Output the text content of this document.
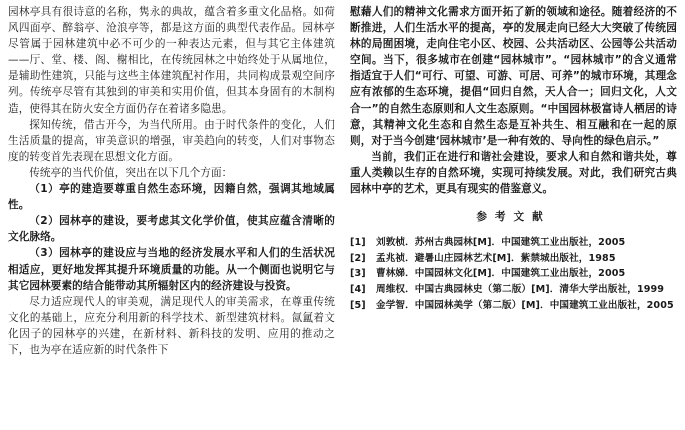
园林亭具有很诗意的名称，隽永的典故，蕴含着多重文化品格。如荷风四面亭、醉翁亭、沧浪亭等，都是这方面的典型代表作品。园林亭尽管属于园林建筑中必不可少的一种表达元素，但与其它主体建筑——厅、堂、楼、阁、榭相比，在传统园林之中始终处于从属地位，是辅助性建筑，只能与这些主体建筑配衬作用，共同构成景观空间序列。传统亭尽管有其独到的审美和实用价值，但其本身固有的木制构造，使得其在防火安全方面仍存在着诸多隐患。

探知传统，借古开今，为当代所用。由于时代条件的变化，人们生活质量的提高，审美意识的增强，审美趋向的转变，人们对事物态度的转变首先表现在思想文化方面。

传统亭的当代价值，突出在以下几个方面：

（1）亭的建造要尊重自然生态环境，因籍自然，强调其地域属性。

（2）园林亭的建设，要考虑其文化学价值，使其应蕴含清晰的文化脉络。

（3）园林亭的建设应与当地的经济发展水平和人们的生活状况相适应，更好地发挥其提升环境质量的功能。从一个侧面也说明它与其它园林要素的结合能带动其所辐射区内的经济建设与投资。

尽力适应现代人的审美观，满足现代人的审美需求，在尊重传统文化的基础上，应充分利用新的科学技术、新型建筑材料。氤氲着文化因子的园林亭的兴建，在新材料、新科技的发明、应用的推动之下，也为亭在适应新的时代条件下

慰藉人们的精神文化需求方面开拓了新的领域和途径。随着经济的不断推进，人们生活水平的提高，亭的发展走向已经大大突破了传统园林的局囿困境，走向住宅小区、校园、公共活动区、公园等公共活动空间。当下，很多城市在创建“园林城市”。“园林城市”的含义通常指适宜于人们“可行、可望、可游、可居、可养”的城市环境，其理念应有浓郁的生态环境，提倡“回归自然，天人合一；回归文化，人文合一”的自然生态原则和人文生态原则。“中国园林极富诗人栖居的诗意，其精神文化生态和自然生态是互补共生、相互融和在一起的原则，对于当今创建‘园林城市’是一种有效的、导向性的绿色启示。”

当前，我们正在进行和谐社会建设，要求人和自然和谐共处，尊重人类赖以生存的自然环境，实现可持续发展。对此，我们研究古典园林中亭的艺术，更具有现实的借鉴意义。

参考文献
[1]	刘敦桢．苏州古典园林[M]．中国建筑工业出版社，2005
[2]	孟兆祯．避暑山庄园林艺术[M]．紫禁城出版社，1985
[3]	曹林娣．中国园林文化[M]．中国建筑工业出版社，2005
[4]	周维权．中国古典园林史（第二版）[M]．清华大学出版社，1999
[5]	金学智．中国园林美学（第二版）[M]．中国建筑工业出版社，2005
